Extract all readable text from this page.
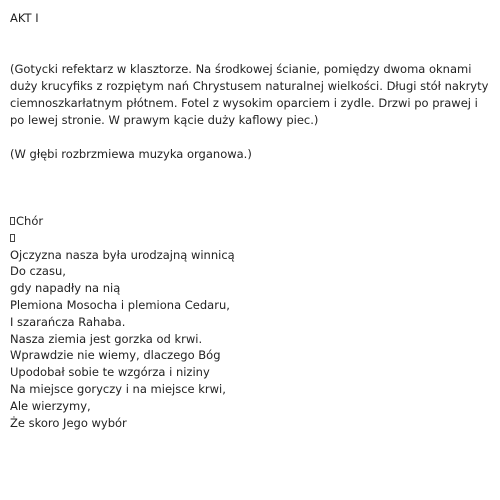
AKT I

(Gotycki refektarz w klasztorze. Na środkowej ścianie, pomiędzy dwoma oknami duży krucyfiks z rozpiętym nań Chrystusem naturalnej wielkości. Długi stół nakryty ciemnoszkarłatnym płótnem. Fotel z wysokim oparciem i zydle. Drzwi po prawej i po lewej stronie. W prawym kącie duży kaflowy piec.)

(W głębi rozbrzmiewa muzyka organowa.)

Chór
Ojczyzna nasza była urodzajną winnicą
Do czasu,
gdy napadły na nią
Plemiona Mosocha i plemiona Cedaru,
I szarańcza Rahaba.
Nasza ziemia jest gorzka od krwi.
Wprawdzie nie wiemy, dlaczego Bóg
Upodobał sobie te wzgórza i niziny
Na miejsce goryczy i na miejsce krwi,
Ale wierzymy,
Że skoro Jego wybór
